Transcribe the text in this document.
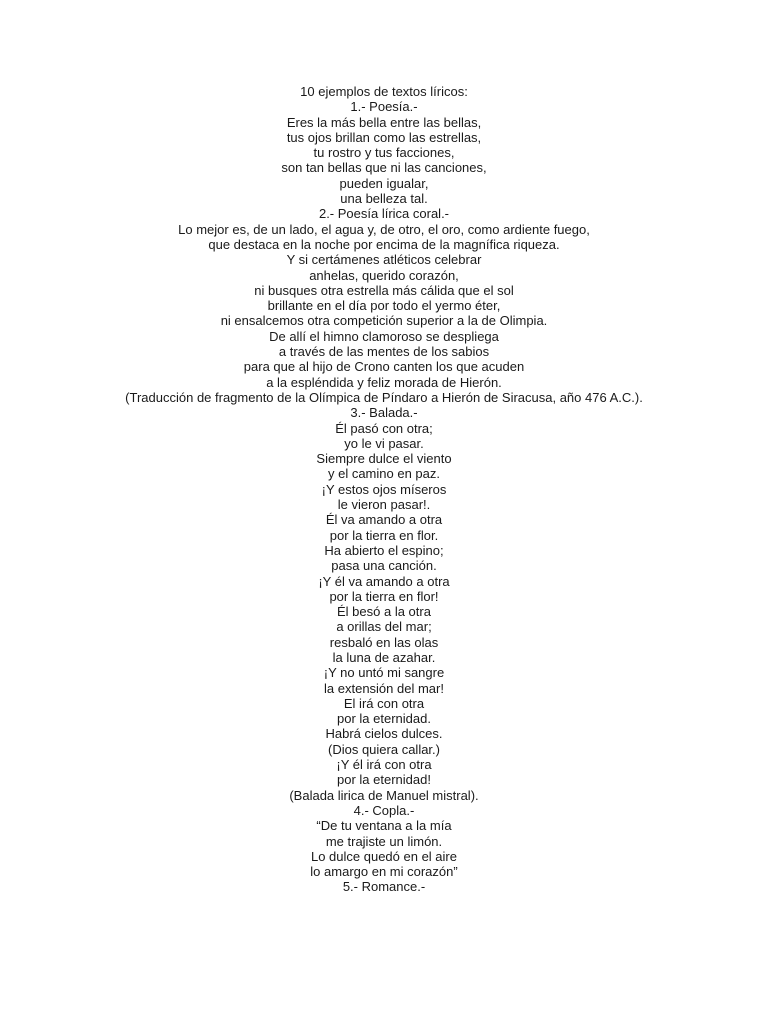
10 ejemplos de textos líricos:
1.- Poesía.-
Eres la más bella entre las bellas,
tus ojos brillan como las estrellas,
tu rostro y tus facciones,
son tan bellas que ni las canciones,
pueden igualar,
una belleza tal.
2.- Poesía lírica coral.-
Lo mejor es, de un lado, el agua y, de otro, el oro, como ardiente fuego,
que destaca en la noche por encima de la magnífica riqueza.
Y si certámenes atléticos celebrar
anhelas, querido corazón,
ni busques otra estrella más cálida que el sol
brillante en el día por todo el yermo éter,
ni ensalcemos otra competición superior a la de Olimpia.
De allí el himno clamoroso se despliega
a través de las mentes de los sabios
para que al hijo de Crono canten los que acuden
a la espléndida y feliz morada de Hierón.
(Traducción de fragmento de la Olímpica de Píndaro a Hierón de Siracusa, año 476 A.C.).
3.- Balada.-
Él pasó con otra;
yo le vi pasar.
Siempre dulce el viento
y el camino en paz.
¡Y estos ojos míseros
le vieron pasar!.
Él va amando a otra
por la tierra en flor.
Ha abierto el espino;
pasa una canción.
¡Y él va amando a otra
por la tierra en flor!
Él besó a la otra
a orillas del mar;
resbaló en las olas
la luna de azahar.
¡Y no untó mi sangre
la extensión del mar!
El irá con otra
por la eternidad.
Habrá cielos dulces.
(Dios quiera callar.)
¡Y él irá con otra
por la eternidad!
(Balada lirica de Manuel mistral).
4.- Copla.-
“De tu ventana a la mía
me trajiste un limón.
Lo dulce quedó en el aire
lo amargo en mi corazón”
5.- Romance.-
